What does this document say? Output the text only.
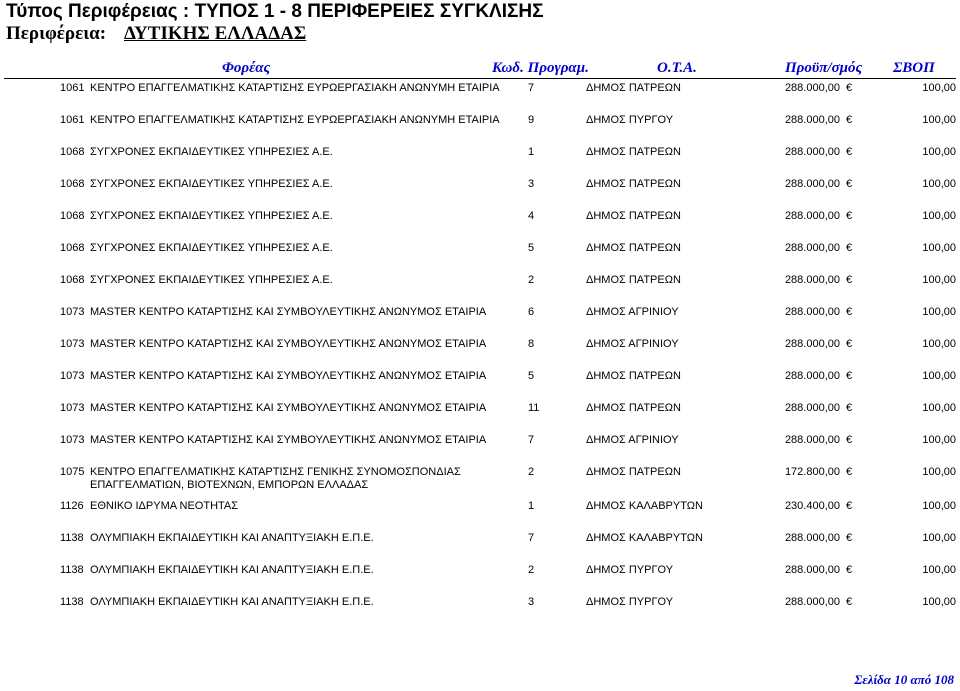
Τύπος Περιφέρειας : ΤΥΠΟΣ 1 - 8 ΠΕΡΙΦΕΡΕΙΕΣ ΣΥΓΚΛΙΣΗΣ
Περιφέρεια: ΔΥΤΙΚΗΣ ΕΛΛΑΔΑΣ
Φορέας	Κωδ. Προγραμ.	Ο.Τ.Α.	Προϋπ/σμός ΣΒΟΠ
1061 ΚΕΝΤΡΟ ΕΠΑΓΓΕΛΜΑΤΙΚΗΣ ΚΑΤΑΡΤΙΣΗΣ ΕΥΡΩΕΡΓΑΣΙΑΚΗ ΑΝΩΝΥΜΗ ΕΤΑΙΡΙΑ	7	ΔΗΜΟΣ ΠΑΤΡΕΩΝ	288.000,00	100,00
€
1061 ΚΕΝΤΡΟ ΕΠΑΓΓΕΛΜΑΤΙΚΗΣ ΚΑΤΑΡΤΙΣΗΣ ΕΥΡΩΕΡΓΑΣΙΑΚΗ ΑΝΩΝΥΜΗ ΕΤΑΙΡΙΑ	9	ΔΗΜΟΣ ΠΥΡΓΟΥ	288.000,00	100,00
€
1068 ΣΥΓΧΡΟΝΕΣ ΕΚΠΑΙΔΕΥΤΙΚΕΣ ΥΠΗΡΕΣΙΕΣ Α.Ε.	1	ΔΗΜΟΣ ΠΑΤΡΕΩΝ	288.000,00	100,00
€
1068 ΣΥΓΧΡΟΝΕΣ ΕΚΠΑΙΔΕΥΤΙΚΕΣ ΥΠΗΡΕΣΙΕΣ Α.Ε.	3	ΔΗΜΟΣ ΠΑΤΡΕΩΝ	288.000,00	100,00
€
1068 ΣΥΓΧΡΟΝΕΣ ΕΚΠΑΙΔΕΥΤΙΚΕΣ ΥΠΗΡΕΣΙΕΣ Α.Ε.	4	ΔΗΜΟΣ ΠΑΤΡΕΩΝ	288.000,00	100,00
€
1068 ΣΥΓΧΡΟΝΕΣ ΕΚΠΑΙΔΕΥΤΙΚΕΣ ΥΠΗΡΕΣΙΕΣ Α.Ε.	5	ΔΗΜΟΣ ΠΑΤΡΕΩΝ	288.000,00	100,00
€
1068 ΣΥΓΧΡΟΝΕΣ ΕΚΠΑΙΔΕΥΤΙΚΕΣ ΥΠΗΡΕΣΙΕΣ Α.Ε.	2	ΔΗΜΟΣ ΠΑΤΡΕΩΝ	288.000,00	100,00
€
1073 MASTER ΚΕΝΤΡΟ ΚΑΤΑΡΤΙΣΗΣ ΚΑΙ ΣΥΜΒΟΥΛΕΥΤΙΚΗΣ ΑΝΩΝΥΜΟΣ ΕΤΑΙΡΙΑ	6	ΔΗΜΟΣ ΑΓΡΙΝΙΟΥ	288.000,00	100,00
€
1073 MASTER ΚΕΝΤΡΟ ΚΑΤΑΡΤΙΣΗΣ ΚΑΙ ΣΥΜΒΟΥΛΕΥΤΙΚΗΣ ΑΝΩΝΥΜΟΣ ΕΤΑΙΡΙΑ	8	ΔΗΜΟΣ ΑΓΡΙΝΙΟΥ	288.000,00	100,00
€
1073 MASTER ΚΕΝΤΡΟ ΚΑΤΑΡΤΙΣΗΣ ΚΑΙ ΣΥΜΒΟΥΛΕΥΤΙΚΗΣ ΑΝΩΝΥΜΟΣ ΕΤΑΙΡΙΑ	5	ΔΗΜΟΣ ΠΑΤΡΕΩΝ	288.000,00	100,00
€
1073 MASTER ΚΕΝΤΡΟ ΚΑΤΑΡΤΙΣΗΣ ΚΑΙ ΣΥΜΒΟΥΛΕΥΤΙΚΗΣ ΑΝΩΝΥΜΟΣ ΕΤΑΙΡΙΑ	11	ΔΗΜΟΣ ΠΑΤΡΕΩΝ	288.000,00	100,00
€
1073 MASTER ΚΕΝΤΡΟ ΚΑΤΑΡΤΙΣΗΣ ΚΑΙ ΣΥΜΒΟΥΛΕΥΤΙΚΗΣ ΑΝΩΝΥΜΟΣ ΕΤΑΙΡΙΑ	7	ΔΗΜΟΣ ΑΓΡΙΝΙΟΥ	288.000,00	100,00
€
1075 ΚΕΝΤΡΟ ΕΠΑΓΓΕΛΜΑΤΙΚΗΣ ΚΑΤΑΡΤΙΣΗΣ ΓΕΝΙΚΗΣ ΣΥΝΟΜΟΣΠΟΝΔΙΑΣ	2	ΔΗΜΟΣ ΠΑΤΡΕΩΝ	172.800,00	100,00
€
ΕΠΑΓΓΕΛΜΑΤΙΩΝ, ΒΙΟΤΕΧΝΩΝ, ΕΜΠΟΡΩΝ ΕΛΛΑΔΑΣ
1126 ΕΘΝΙΚΟ ΙΔΡΥΜΑ ΝΕΟΤΗΤΑΣ	1	ΔΗΜΟΣ ΚΑΛΑΒΡΥΤΩΝ	230.400,00	100,00
€
1138 ΟΛΥΜΠΙΑΚΗ ΕΚΠΑΙΔΕΥΤΙΚΗ ΚΑΙ ΑΝΑΠΤΥΞΙΑΚΗ Ε.Π.Ε.	7	ΔΗΜΟΣ ΚΑΛΑΒΡΥΤΩΝ	288.000,00	100,00
€
1138 ΟΛΥΜΠΙΑΚΗ ΕΚΠΑΙΔΕΥΤΙΚΗ ΚΑΙ ΑΝΑΠΤΥΞΙΑΚΗ Ε.Π.Ε.	2	ΔΗΜΟΣ ΠΥΡΓΟΥ	288.000,00	100,00
€
1138 ΟΛΥΜΠΙΑΚΗ ΕΚΠΑΙΔΕΥΤΙΚΗ ΚΑΙ ΑΝΑΠΤΥΞΙΑΚΗ Ε.Π.Ε.	3	ΔΗΜΟΣ ΠΥΡΓΟΥ	288.000,00	100,00
€
Σελίδα 10 από 108
